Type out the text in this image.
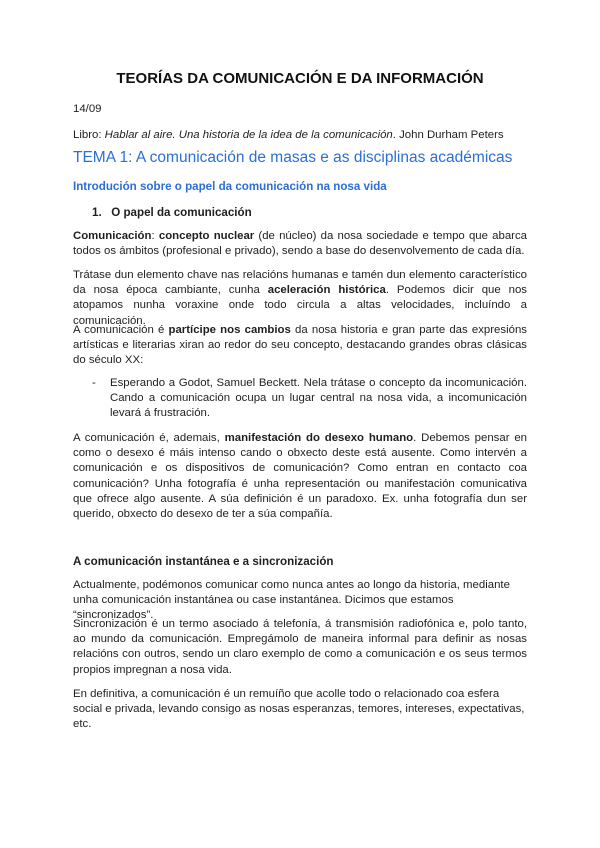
TEORÍAS DA COMUNICACIÓN E DA INFORMACIÓN
14/09
Libro: Hablar al aire. Una historia de la idea de la comunicación. John Durham Peters
TEMA 1: A comunicación de masas e as disciplinas académicas
Introdución sobre o papel da comunicación na nosa vida
1. O papel da comunicación
Comunicación: concepto nuclear (de núcleo) da nosa sociedade e tempo que abarca todos os ámbitos (profesional e privado), sendo a base do desenvolvemento de cada día.
Trátase dun elemento chave nas relacións humanas e tamén dun elemento característico da nosa época cambiante, cunha aceleración histórica. Podemos dicir que nos atopamos nunha voraxine onde todo circula a altas velocidades, incluíndo a comunicación.
A comunicación é partícipe nos cambios da nosa historia e gran parte das expresións artísticas e literarias xiran ao redor do seu concepto, destacando grandes obras clásicas do século XX:
- Esperando a Godot, Samuel Beckett. Nela trátase o concepto da incomunicación. Cando a comunicación ocupa un lugar central na nosa vida, a incomunicación levará á frustración.
A comunicación é, ademais, manifestación do desexo humano. Debemos pensar en como o desexo é máis intenso cando o obxecto deste está ausente. Como intervén a comunicación e os dispositivos de comunicación? Como entran en contacto coa comunicación? Unha fotografía é unha representación ou manifestación comunicativa que ofrece algo ausente. A súa definición é un paradoxo. Ex. unha fotografía dun ser querido, obxecto do desexo de ter a súa compañía.
A comunicación instantánea e a sincronización
Actualmente, podémonos comunicar como nunca antes ao longo da historia, mediante unha comunicación instantánea ou case instantánea. Dicimos que estamos “sincronizados”.
Sincronización é un termo asociado á telefonía, á transmisión radiofónica e, polo tanto, ao mundo da comunicación. Empregámolo de maneira informal para definir as nosas relacións con outros, sendo un claro exemplo de como a comunicación e os seus termos propios impregnan a nosa vida.
En definitiva, a comunicación é un remuíño que acolle todo o relacionado coa esfera social e privada, levando consigo as nosas esperanzas, temores, intereses, expectativas, etc.
